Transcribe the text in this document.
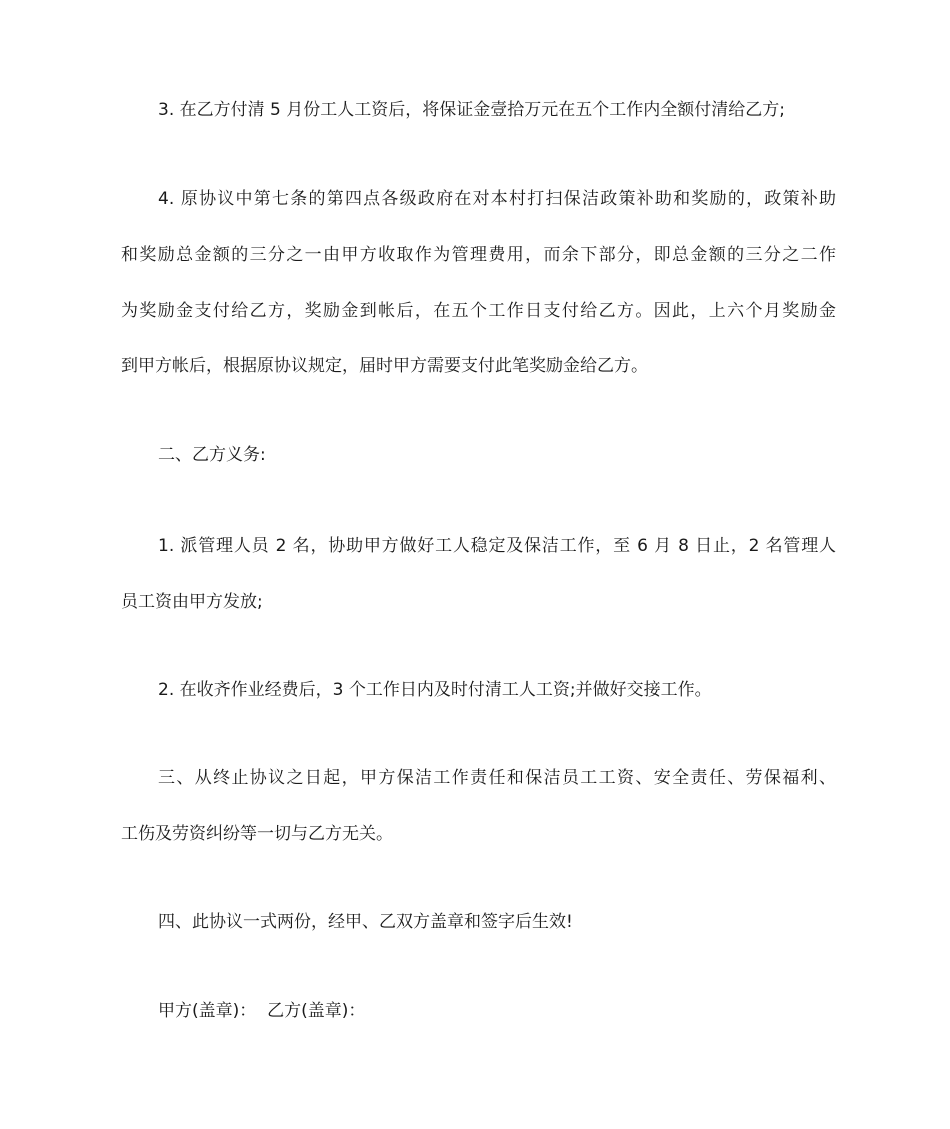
3. 在乙方付清 5 月份工人工资后，将保证金壹拾万元在五个工作内全额付清给乙方;
4. 原协议中第七条的第四点各级政府在对本村打扫保洁政策补助和奖励的，政策补助
和奖励总金额的三分之一由甲方收取作为管理费用，而余下部分，即总金额的三分之二作
为奖励金支付给乙方，奖励金到帐后，在五个工作日支付给乙方。因此，上六个月奖励金
到甲方帐后，根据原协议规定，届时甲方需要支付此笔奖励金给乙方。
二、乙方义务:
1. 派管理人员 2 名，协助甲方做好工人稳定及保洁工作，至 6 月 8 日止，2 名管理人
员工资由甲方发放;
2. 在收齐作业经费后，3 个工作日内及时付清工人工资;并做好交接工作。
三、从终止协议之日起，甲方保洁工作责任和保洁员工工资、安全责任、劳保福利、
工伤及劳资纠纷等一切与乙方无关。
四、此协议一式两份，经甲、乙双方盖章和签字后生效!
甲方(盖章)：  乙方(盖章)：
